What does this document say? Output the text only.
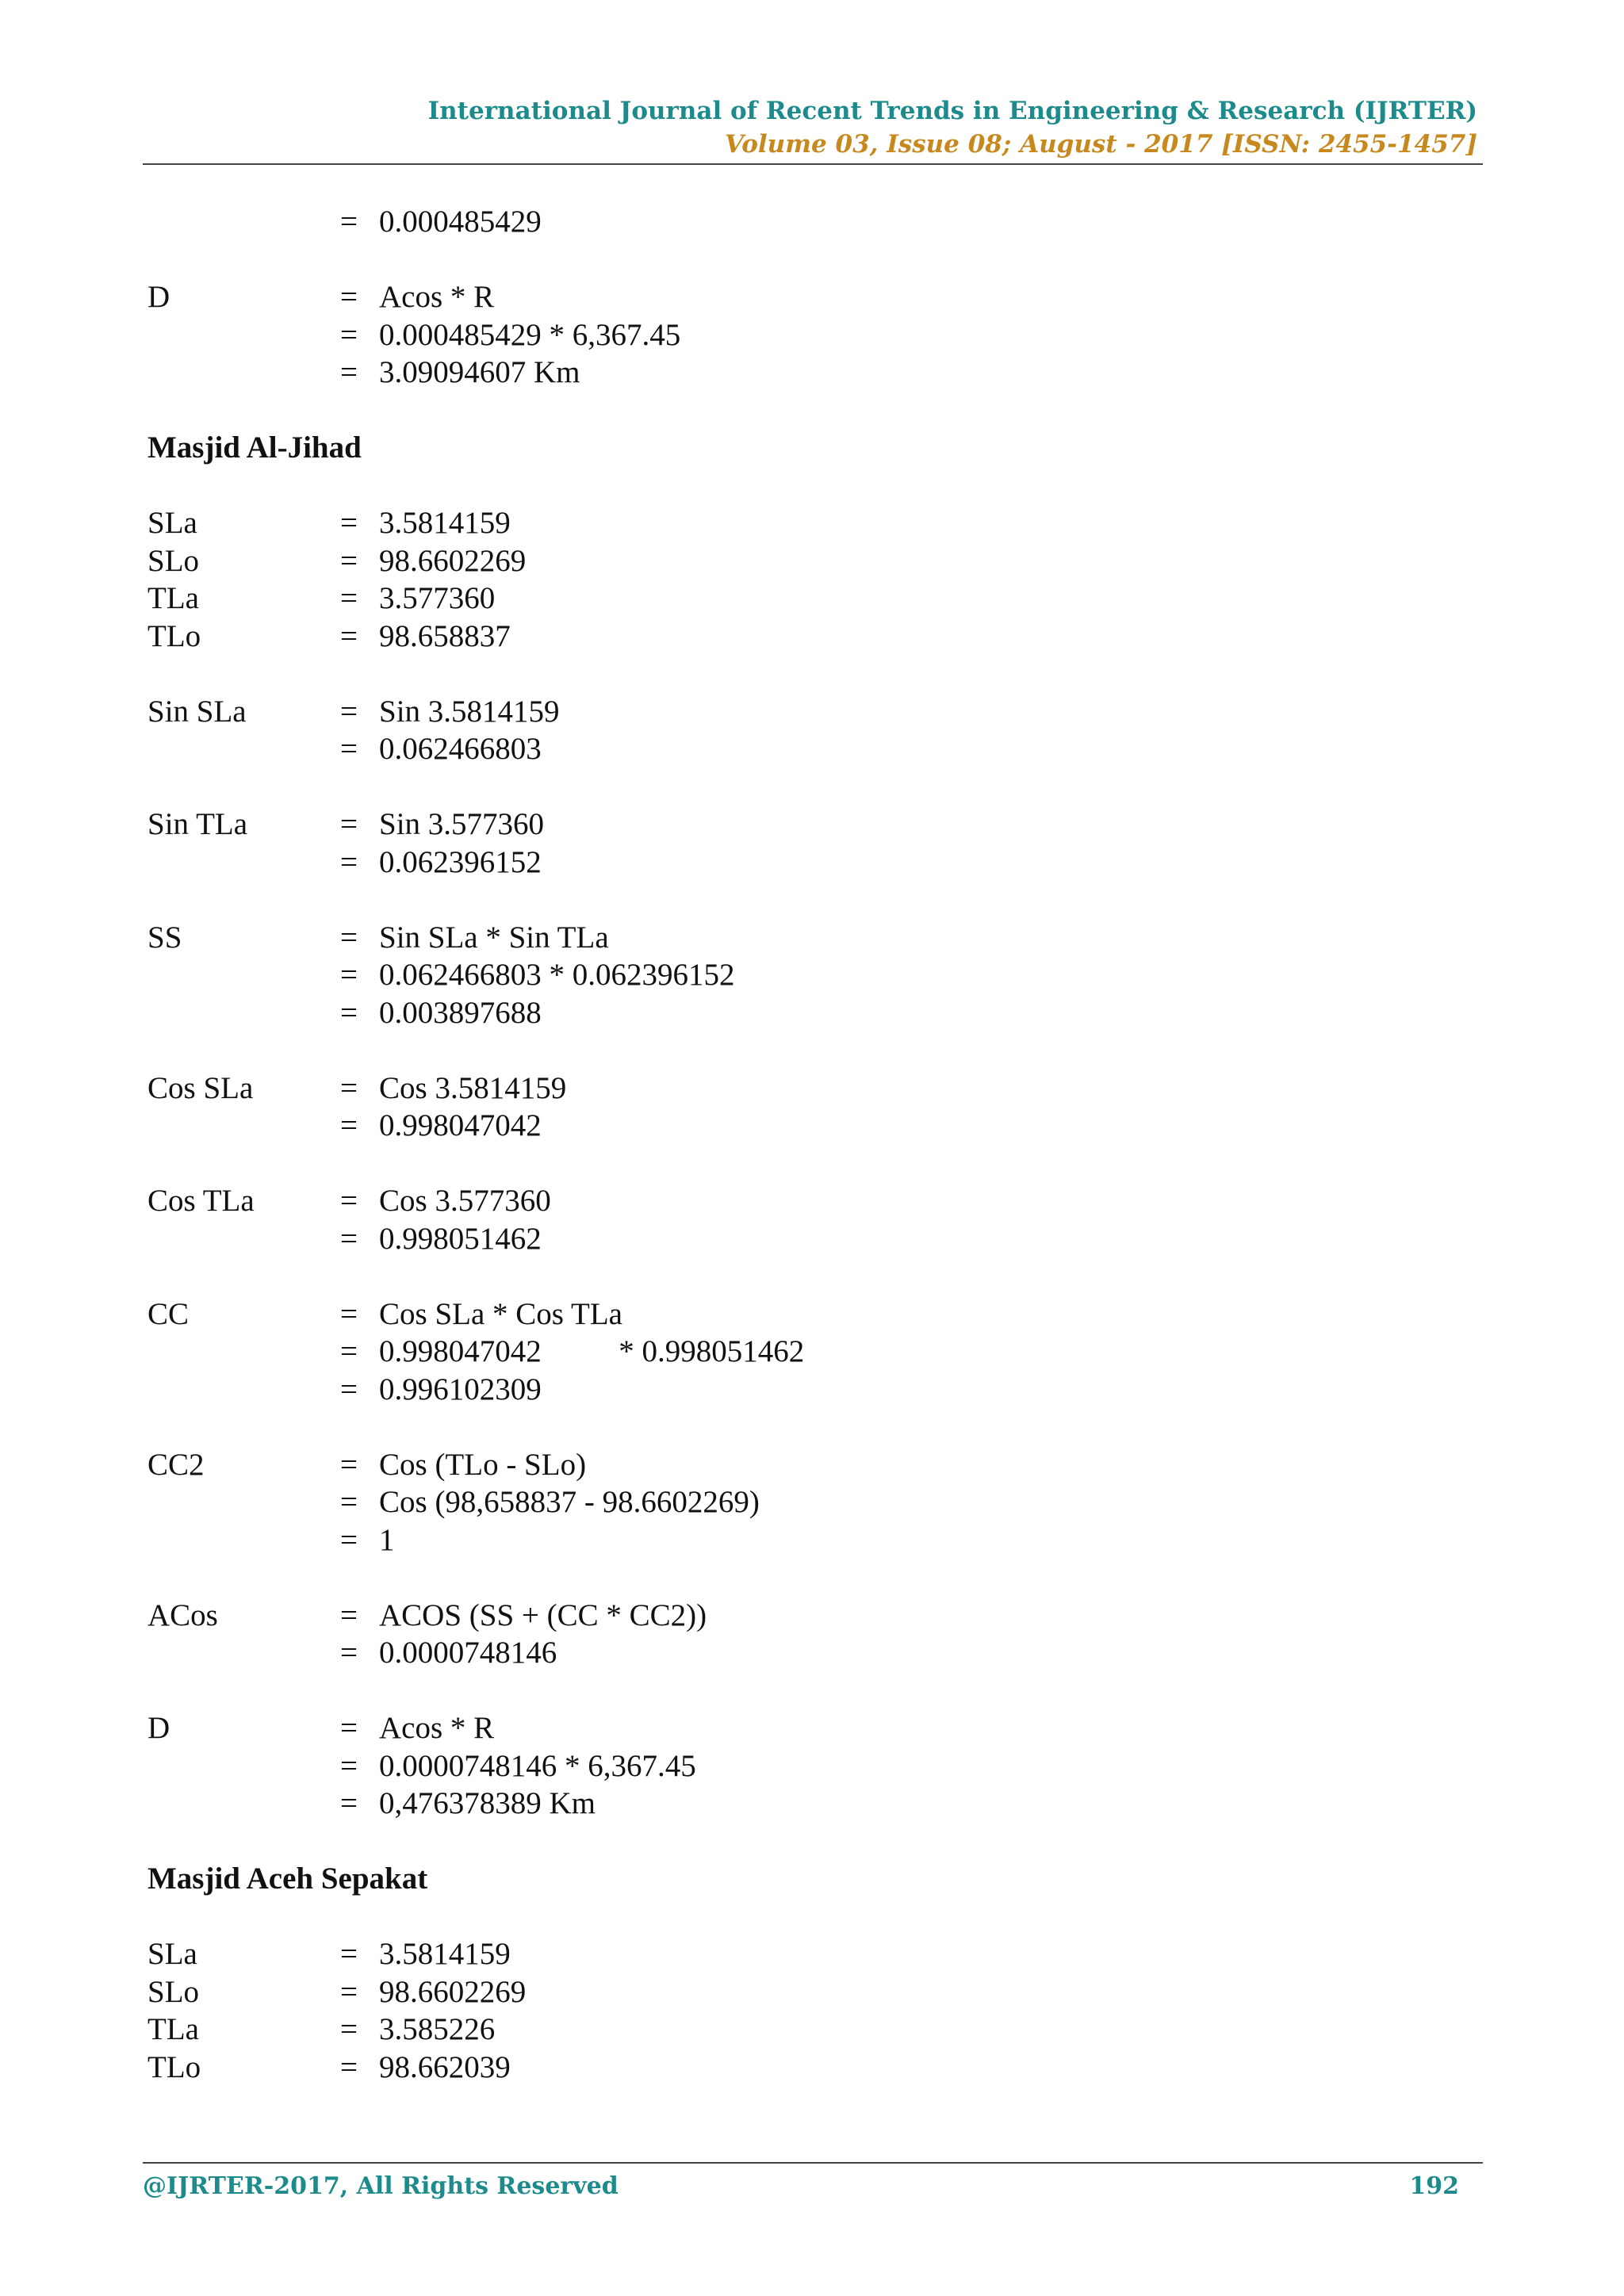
International Journal of Recent Trends in Engineering & Research (IJRTER)
Volume 03, Issue 08; August - 2017 [ISSN: 2455-1457]
= 0.000485429
D	= Acos * R
= 0.000485429 * 6,367.45
= 3.09094607 Km
Masjid Al-Jihad
SLa	= 3.5814159
SLo	= 98.6602269
TLa	= 3.577360
TLo	= 98.658837
Sin SLa	= Sin 3.5814159
= 0.062466803
Sin TLa	= Sin 3.577360
= 0.062396152
SS	= Sin SLa * Sin TLa
= 0.062466803 * 0.062396152
= 0.003897688
Cos SLa	= Cos 3.5814159
= 0.998047042
Cos TLa	= Cos 3.577360
= 0.998051462
CC	= Cos SLa * Cos TLa
= 0.998047042          * 0.998051462
= 0.996102309
CC2	= Cos (TLo - SLo)
= Cos (98,658837 - 98.6602269)
= 1
ACos	= ACOS (SS + (CC * CC2))
= 0.0000748146
D	= Acos * R
= 0.0000748146 * 6,367.45
= 0,476378389 Km
Masjid Aceh Sepakat
SLa	= 3.5814159
SLo	= 98.6602269
TLa	= 3.585226
TLo	= 98.662039
@IJRTER-2017, All Rights Reserved	192
